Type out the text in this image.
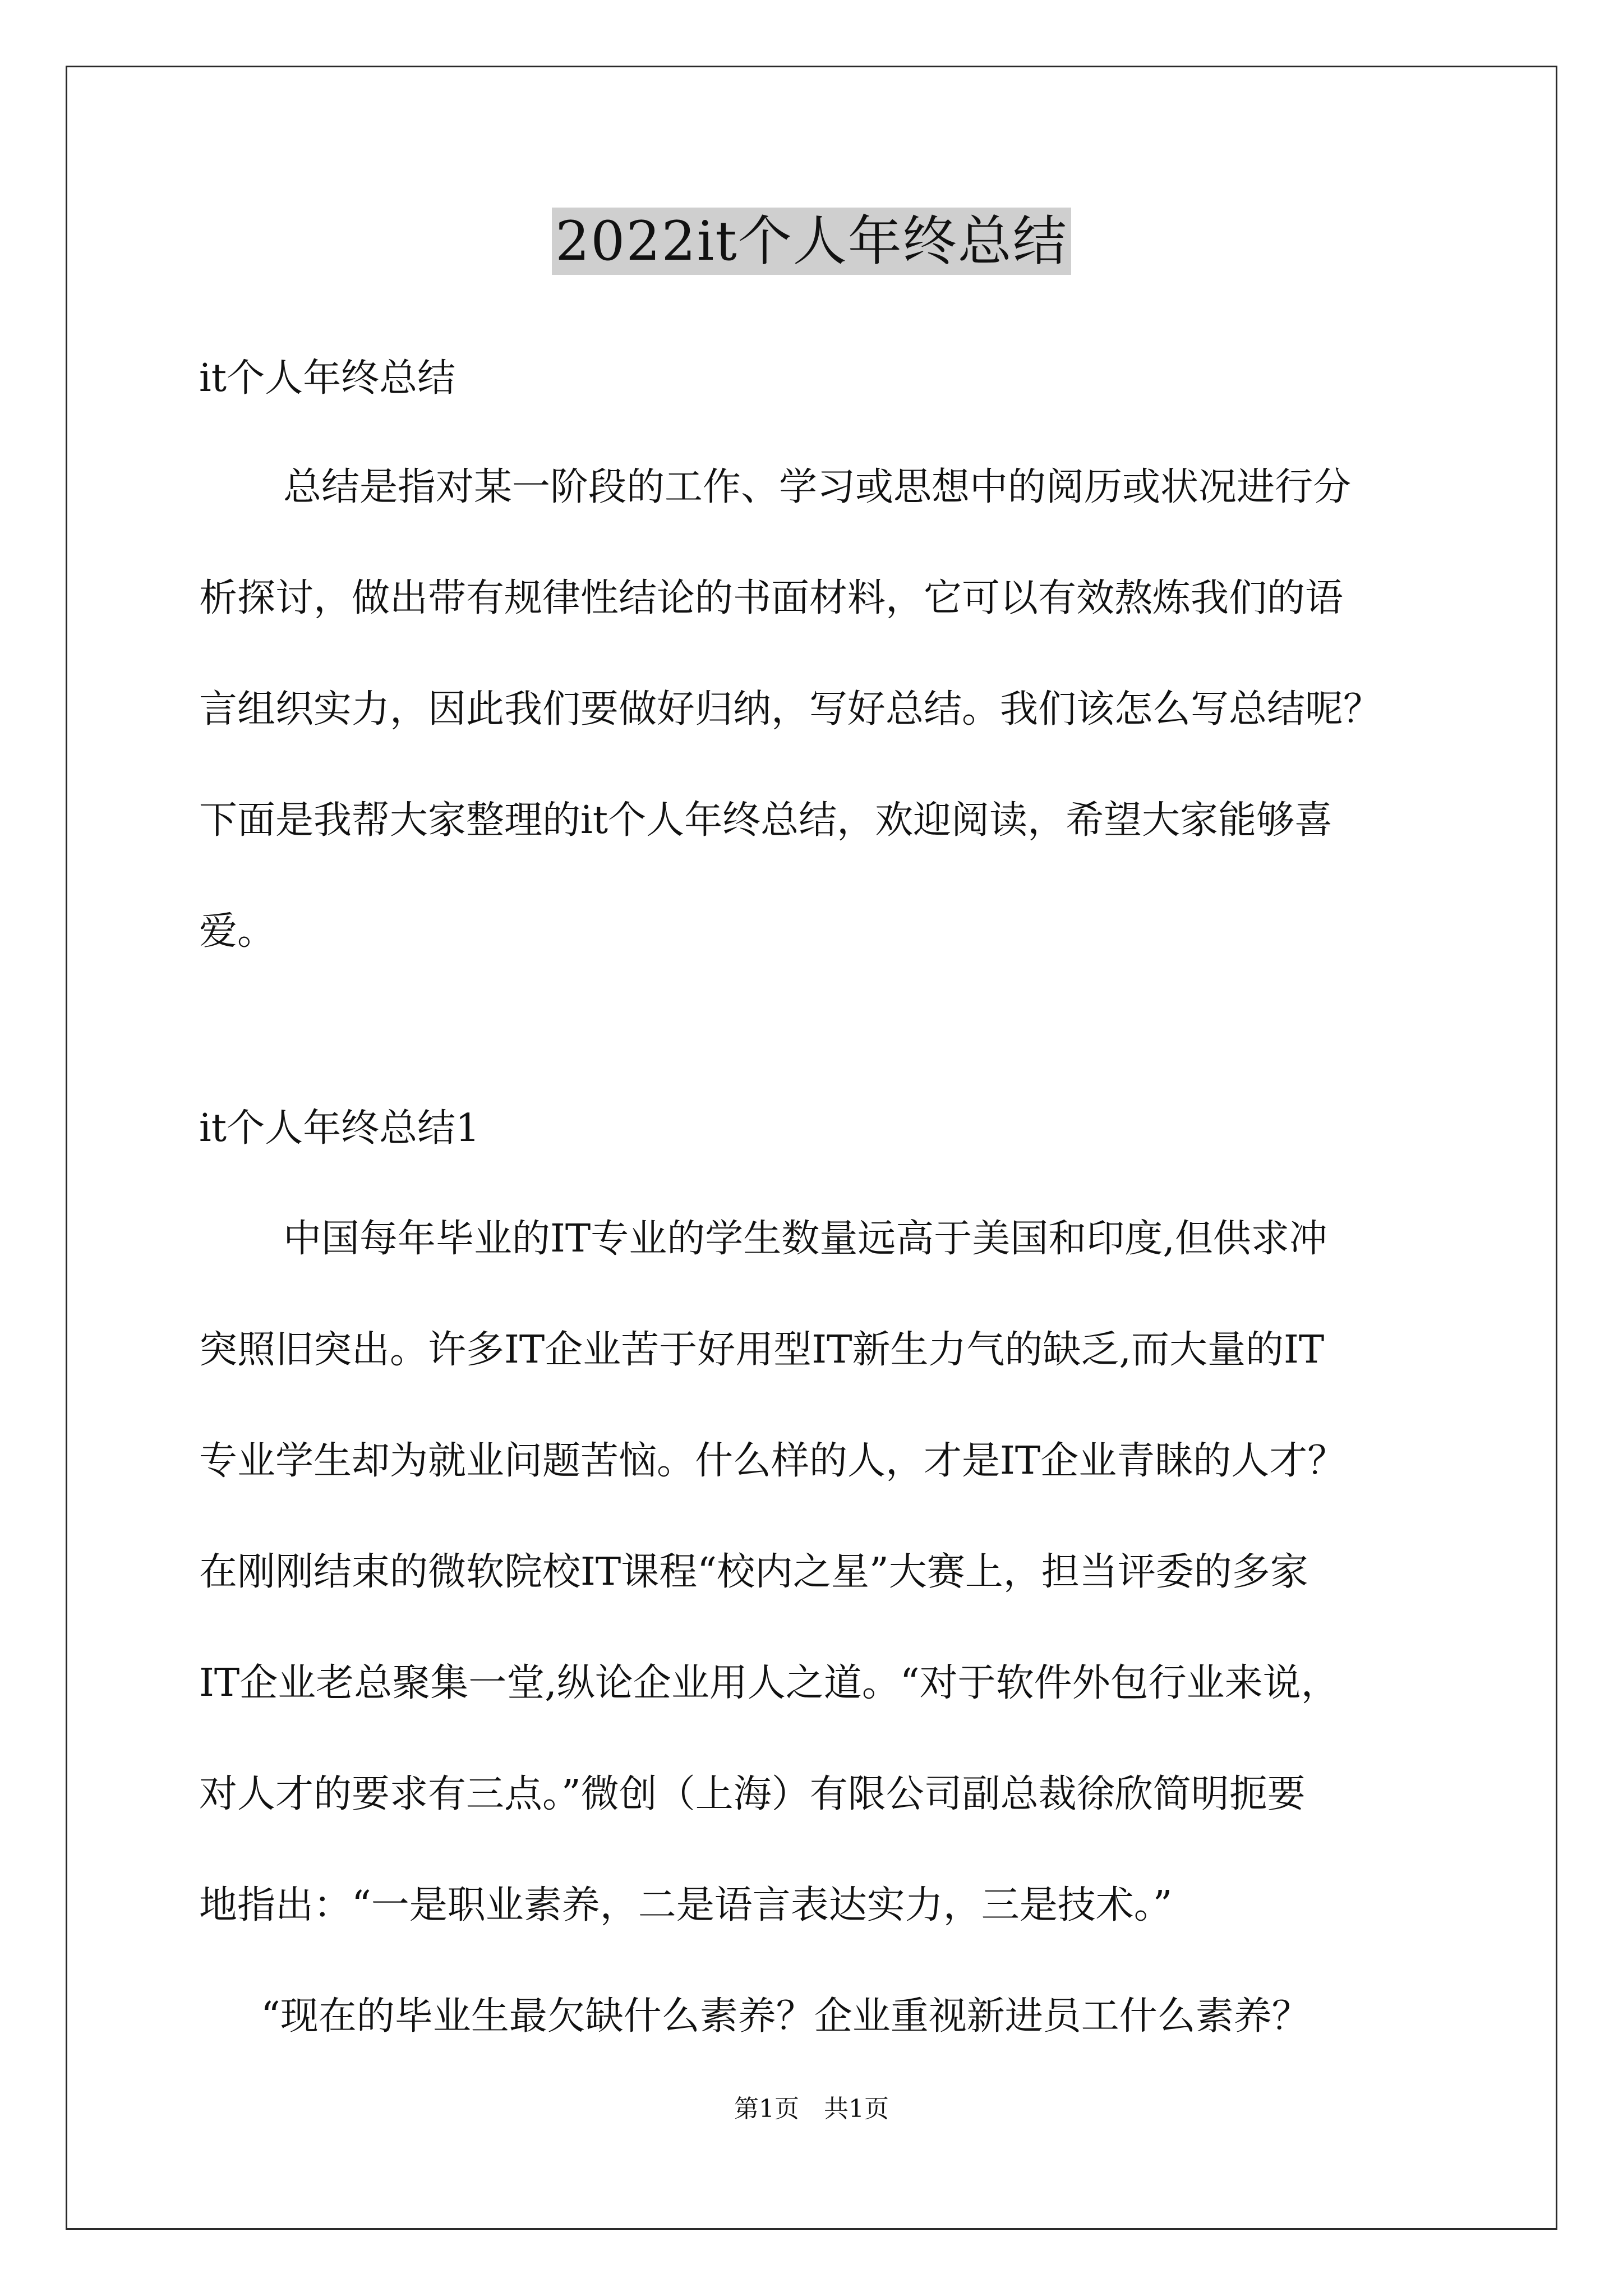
2022it个人年终总结
it个人年终总结
总结是指对某一阶段的工作、学习或思想中的阅历或状况进行分
析探讨，做出带有规律性结论的书面材料，它可以有效熬炼我们的语
言组织实力，因此我们要做好归纳，写好总结。我们该怎么写总结呢？
下面是我帮大家整理的it个人年终总结，欢迎阅读，希望大家能够喜
爱。
it个人年终总结1
中国每年毕业的IT专业的学生数量远高于美国和印度,但供求冲
突照旧突出。许多IT企业苦于好用型IT新生力气的缺乏,而大量的IT
专业学生却为就业问题苦恼。什么样的人，才是IT企业青睐的人才？
在刚刚结束的微软院校IT课程“校内之星”大赛上，担当评委的多家
IT企业老总聚集一堂,纵论企业用人之道。“对于软件外包行业来说，
对人才的要求有三点。”微创（上海）有限公司副总裁徐欣简明扼要
地指出：“一是职业素养，二是语言表达实力，三是技术。”
“现在的毕业生最欠缺什么素养？企业重视新进员工什么素养？
第1页　共1页
